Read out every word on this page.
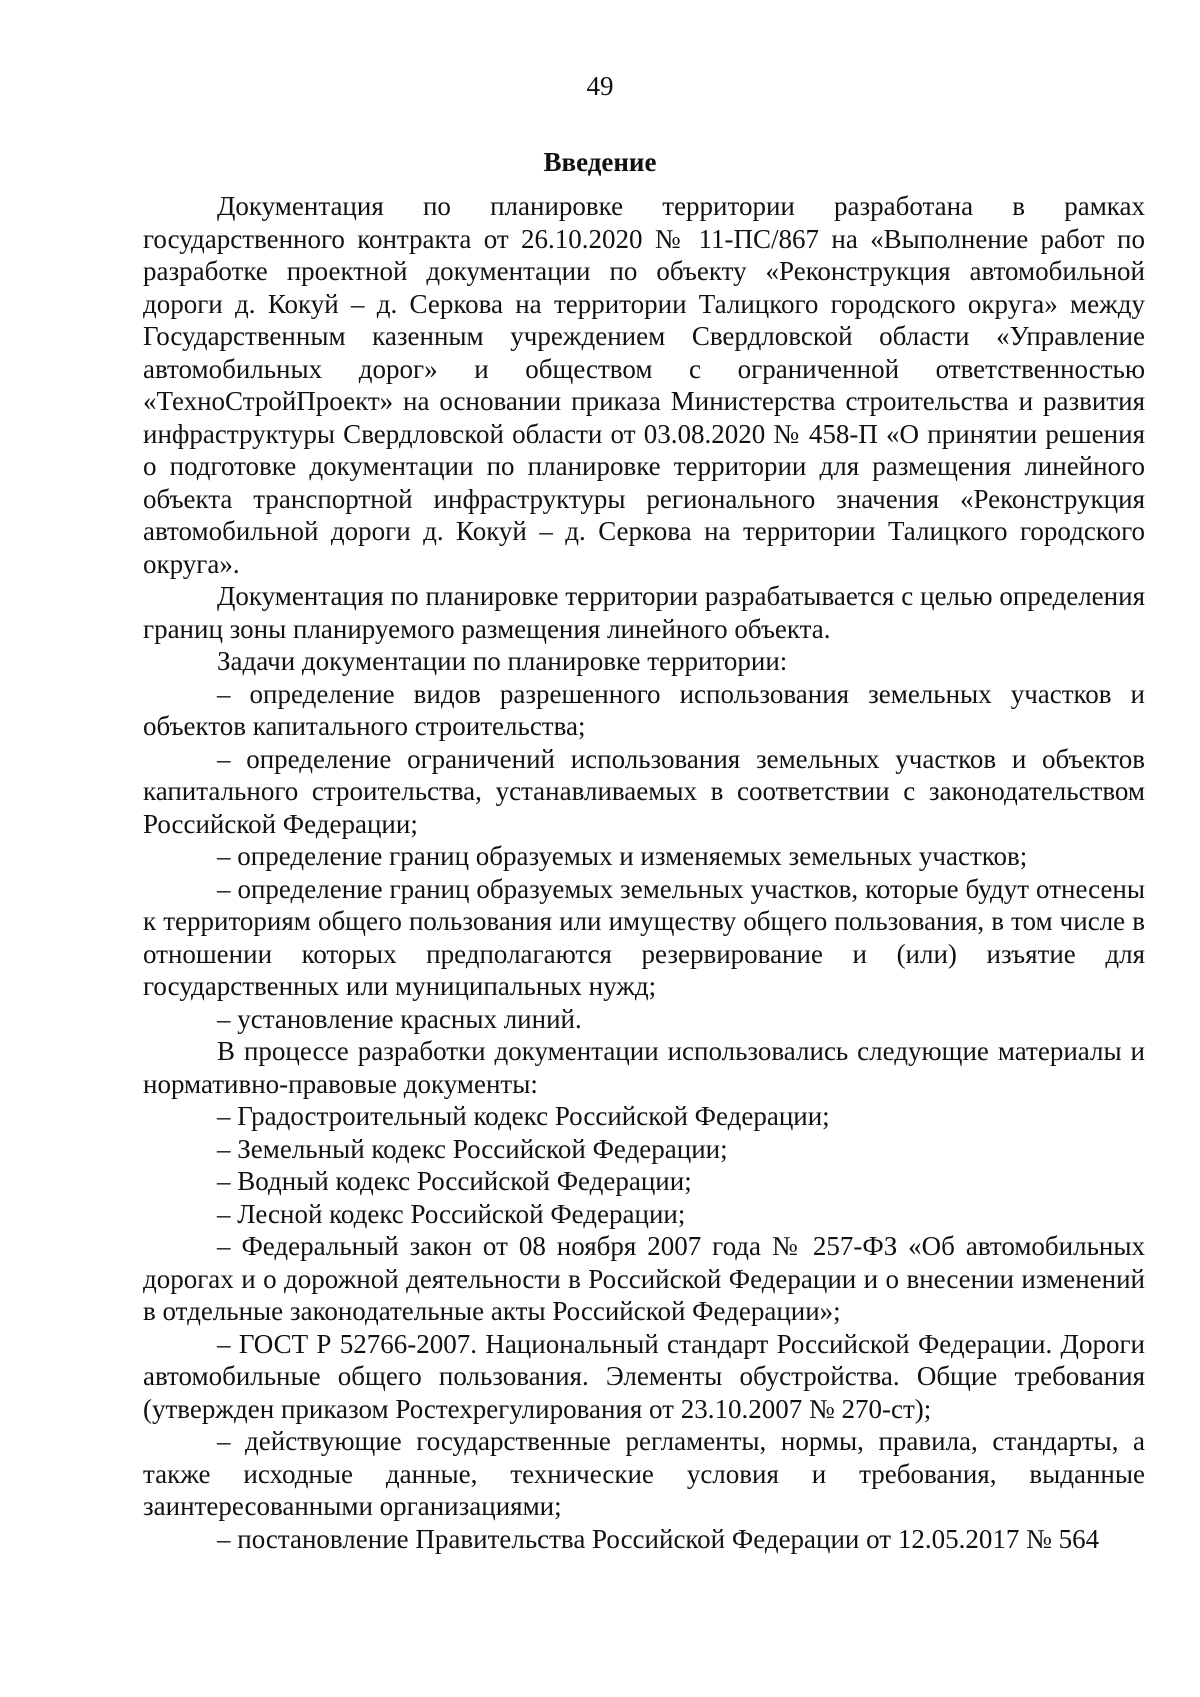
49
Введение

Документация по планировке территории разработана в рамках государственного контракта от 26.10.2020 № 11-ПС/867 на «Выполнение работ по разработке проектной документации по объекту «Реконструкция автомобильной дороги д. Кокуй – д. Серкова на территории Талицкого городского округа» между Государственным казенным учреждением Свердловской области «Управление автомобильных дорог» и обществом с ограниченной ответственностью «ТехноСтройПроект» на основании приказа Министерства строительства и развития инфраструктуры Свердловской области от 03.08.2020 № 458-П «О принятии решения о подготовке документации по планировке территории для размещения линейного объекта транспортной инфраструктуры регионального значения «Реконструкция автомобильной дороги д. Кокуй – д. Серкова на территории Талицкого городского округа».

Документация по планировке территории разрабатывается с целью определения границ зоны планируемого размещения линейного объекта.

Задачи документации по планировке территории:

– определение видов разрешенного использования земельных участков и объектов капитального строительства;

– определение ограничений использования земельных участков и объектов капитального строительства, устанавливаемых в соответствии с законодательством Российской Федерации;

– определение границ образуемых и изменяемых земельных участков;

– определение границ образуемых земельных участков, которые будут отнесены к территориям общего пользования или имуществу общего пользования, в том числе в отношении которых предполагаются резервирование и (или) изъятие для государственных или муниципальных нужд;

– установление красных линий.

В процессе разработки документации использовались следующие материалы и нормативно-правовые документы:

– Градостроительный кодекс Российской Федерации;

– Земельный кодекс Российской Федерации;

– Водный кодекс Российской Федерации;

– Лесной кодекс Российской Федерации;

– Федеральный закон от 08 ноября 2007 года № 257-ФЗ «Об автомобильных дорогах и о дорожной деятельности в Российской Федерации и о внесении изменений в отдельные законодательные акты Российской Федерации»;

– ГОСТ Р 52766-2007. Национальный стандарт Российской Федерации. Дороги автомобильные общего пользования. Элементы обустройства. Общие требования (утвержден приказом Ростехрегулирования от 23.10.2007 № 270-ст);

– действующие государственные регламенты, нормы, правила, стандарты, а также исходные данные, технические условия и требования, выданные заинтересованными организациями;

– постановление Правительства Российской Федерации от 12.05.2017 № 564
